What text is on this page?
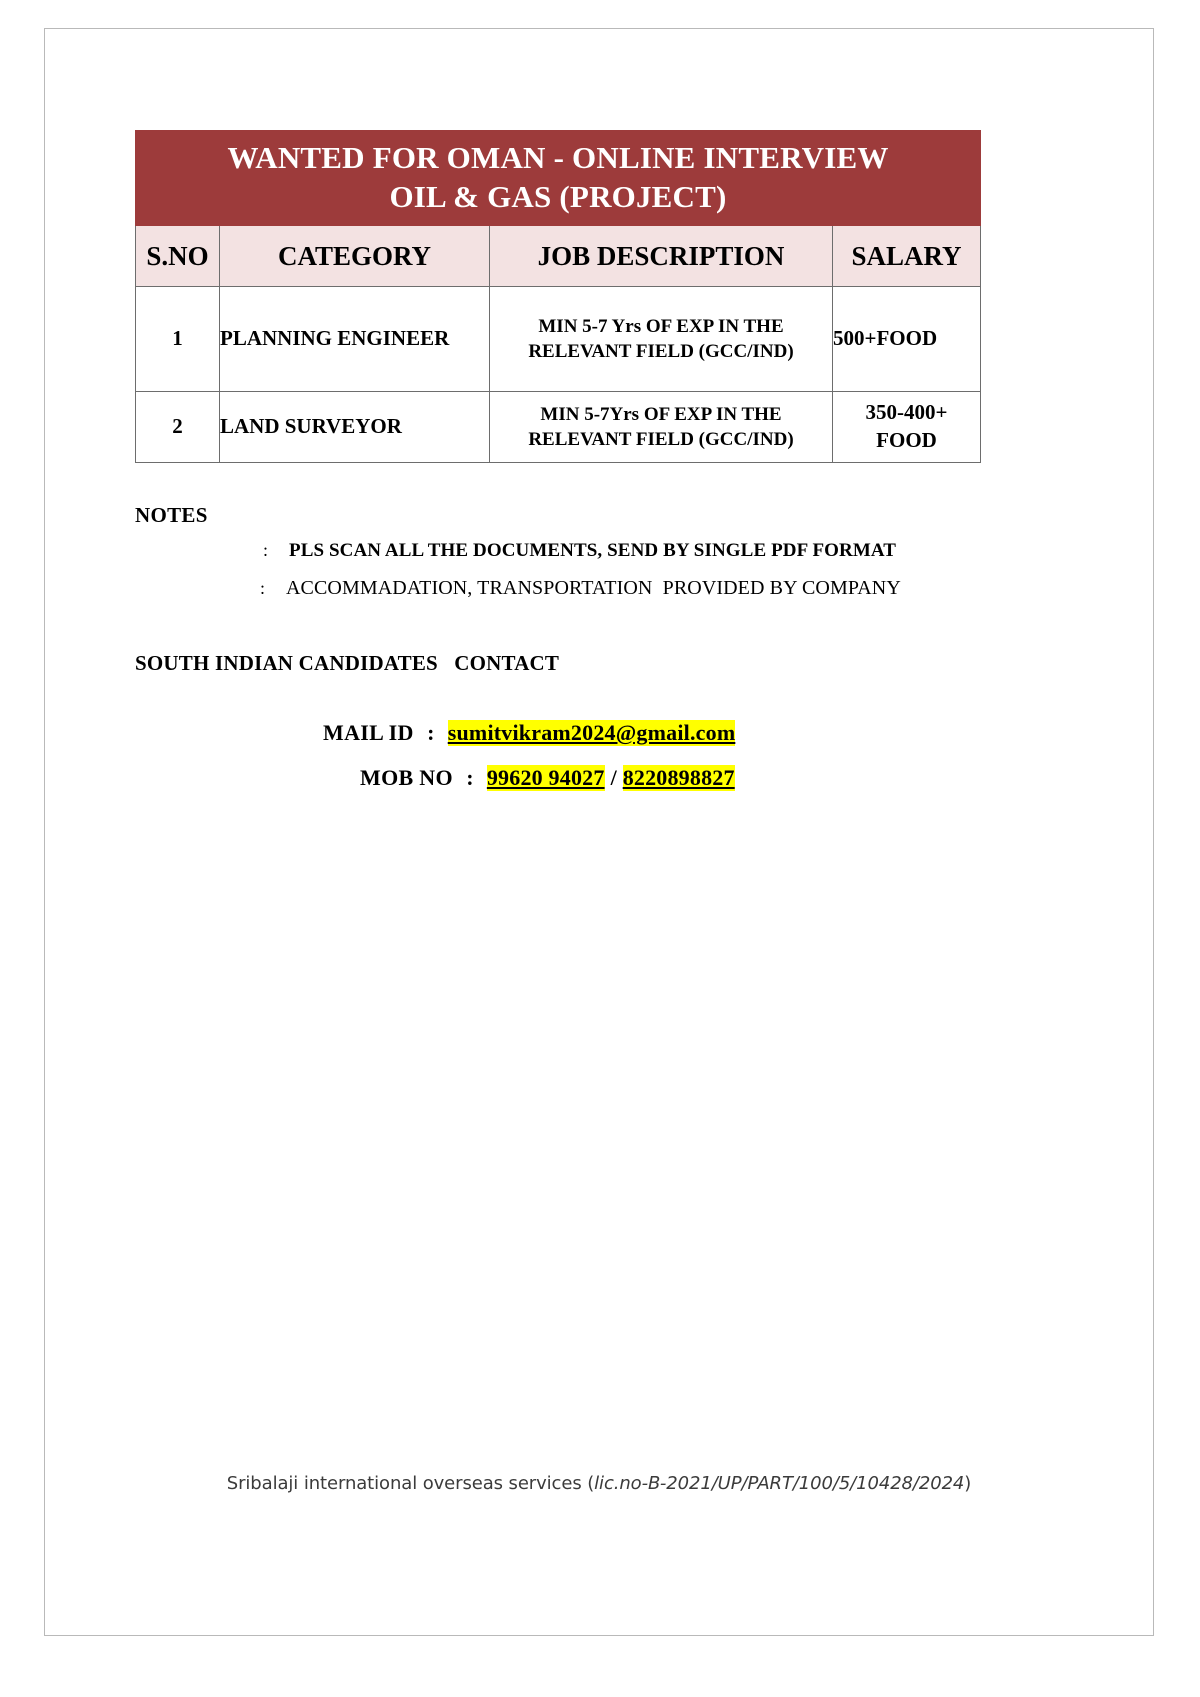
WANTED FOR OMAN - ONLINE INTERVIEW
OIL & GAS (PROJECT)			

S.NO	CATEGORY	JOB DESCRIPTION	SALARY
1	PLANNING ENGINEER	MIN 5-7 Yrs OF EXP IN THE
RELEVANT FIELD (GCC/IND)	500+FOOD
2	LAND SURVEYOR	MIN 5-7Yrs OF EXP IN THE
RELEVANT FIELD (GCC/IND)	350-400+
FOOD
NOTES
:	PLS SCAN ALL THE DOCUMENTS, SEND BY SINGLE PDF FORMAT
:	ACCOMMADATION, TRANSPORTATION  PROVIDED BY COMPANY
SOUTH INDIAN CANDIDATES   CONTACT
MAIL ID : sumitvikram2024@gmail.com
MOB NO : 99620 94027 / 8220898827
Sribalaji international overseas services (lic.no-B-2021/UP/PART/100/5/10428/2024)
